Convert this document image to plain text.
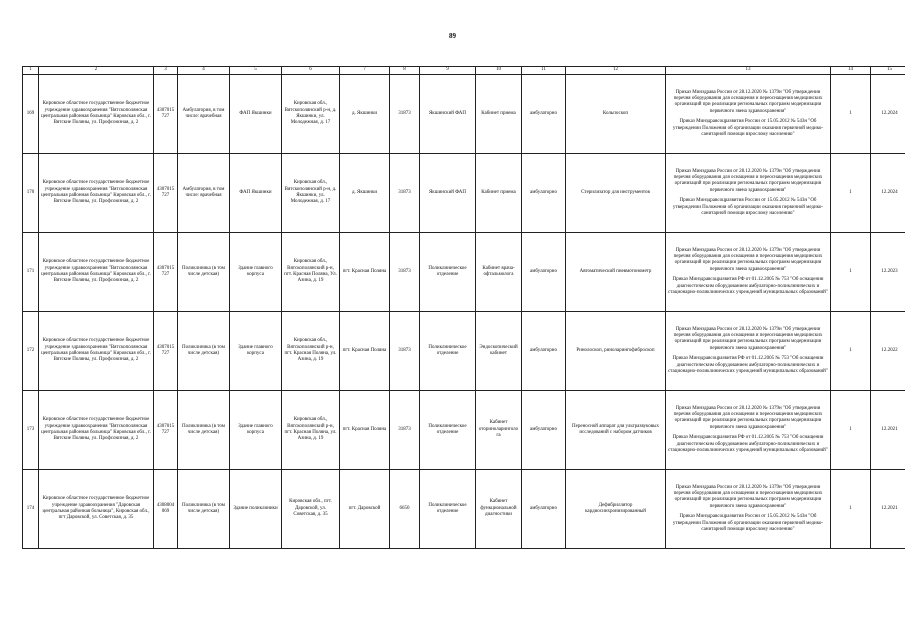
89
1	2	3	4	5	6	7	8	9	10	11	12	13	14	15
169	Кировское областное государственное бюджетное учреждение здравоохранения "Вятскополянская центральная районная больница" Кировская обл., г. Вятские Поляны, ул. Профсоюзная, д. 2	4307015727	Амбулатория, в том числе: врачебная	ФАП Якшинки	Кировская обл., Вятскополянский р-н, д. Якшинки, ул. Молодежная, д. 17	д. Якшинки	31873	Якшинский ФАП	Кабинет приема	амбулаторно	Кольпоскоп	Приказ Минздрава России от 28.12.2020 № 1379н "Об утверждении перечня оборудования для оснащения и переоснащения медицинских организаций при реализации региональных программ модернизации первичного звена здравоохранения"

Приказ Минздравсоцразвития России от 15.05.2012 № 543н "Об утверждении Положения об организации оказания первичной медико-санитарной помощи взрослому населению"	1	12.2024
170	Кировское областное государственное бюджетное учреждение здравоохранения "Вятскополянская центральная районная больница" Кировская обл., г. Вятские Поляны, ул. Профсоюзная, д. 2	4307015727	Амбулатория, в том числе: врачебная	ФАП Якшинки	Кировская обл., Вятскополянский р-н, д. Якшинки, ул. Молодежная, д. 17	д. Якшинки	31873	Якшинский ФАП	Кабинет приема	амбулаторно	Стерилизатор для инструментов	Приказ Минздрава России от 28.12.2020 № 1379н "Об утверждении перечня оборудования для оснащения и переоснащения медицинских организаций при реализации региональных программ модернизации первичного звена здравоохранения"

Приказ Минздравсоцразвития России от 15.05.2012 № 543н "Об утверждении Положения об организации оказания первичной медико-санитарной помощи взрослому населению"	1	12.2024
171	Кировское областное государственное бюджетное учреждение здравоохранения "Вятскополянская центральная районная больница" Кировская обл., г. Вятские Поляны, ул. Профсоюзная, д. 2	4307015727	Поликлиника (в том числе детская)	Здание главного корпуса	Кировская обл., Вятскополянский р-н, пгт. Красная Поляна, Ул. Азина, д. 19	пгт. Красная Поляна	31873	Поликлиническое отделение	Кабинет врача-офтальмолога	амбулаторно	Автоматический пневмотонометр	Приказ Минздрава России от 28.12.2020 № 1379н "Об утверждении перечня оборудования для оснащения и переоснащения медицинских организаций при реализации региональных программ модернизации первичного звена здравоохранения"

Приказ Минздравсоцразвития РФ от 01.12.2005 № 753 "Об оснащении диагностическим оборудованием амбулаторно-поликлинических и стационарно-поликлинических учреждений муниципальных образований"	1	12.2023
172	Кировское областное государственное бюджетное учреждение здравоохранения "Вятскополянская центральная районная больница" Кировская обл., г. Вятские Поляны, ул. Профсоюзная, д. 2	4307015727	Поликлиника (в том числе детская)	Здание главного корпуса	Кировская обл., Вятскополянский р-н, пгт. Красная Поляна, ул. Азина, д. 19	пгт. Красная Поляна	31873	Поликлиническое отделение	Эндоскопический кабинет	амбулаторно	Ринолоскоп, риноларингофиброскоп	Приказ Минздрава России от 28.12.2020 № 1379н "Об утверждении перечня оборудования для оснащения и переоснащения медицинских организаций при реализации региональных программ модернизации первичного звена здравоохранения"

Приказ Минздравсоцразвития РФ от 01.12.2005 № 753 "Об оснащении диагностическим оборудованием амбулаторно-поликлинических и стационарно-поликлинических учреждений муниципальных образований"	1	12.2022
173	Кировское областное государственное бюджетное учреждение здравоохранения "Вятскополянская центральная районная больница" Кировская обл., г. Вятские Поляны, ул. Профсоюзная, д. 2	4307015727	Поликлиника (в том числе детская)	Здание главного корпуса	Кировская обл., Вятскополянский р-н, пгт. Красная Поляна, ул. Азина, д. 19	пгт. Красная Поляна	31873	Поликлиническое отделение	Кабинет оториноларинголога	амбулаторно	Переносной аппарат для ультразвуковых исследований с набором датчиков	Приказ Минздрава России от 28.12.2020 № 1379н "Об утверждении перечня оборудования для оснащения и переоснащения медицинских организаций при реализации региональных программ модернизации первичного звена здравоохранения"

Приказ Минздравсоцразвития РФ от 01.12.2005 № 753 "Об оснащении диагностическим оборудованием амбулаторно-поликлинических и стационарно-поликлинических учреждений муниципальных образований"	1	12.2021
174	Кировское областное государственное бюджетное учреждение здравоохранения "Даровская центральная районная больница", Кировская обл., пгт Даровской, ул. Советская, д. 35	4308004069	Поликлиника (в том числе детская)	Здание поликлиники	Кировская обл., пгт. Даровской, ул. Советская, д. 35	пгт. Даровской	6650	Поликлиническое отделение	Кабинет функциональной диагностики	амбулаторно	Дефибриллятор кардиосинхронизированный	Приказ Минздрава России от 28.12.2020 № 1379н "Об утверждении перечня оборудования для оснащения и переоснащения медицинских организаций при реализации региональных программ модернизации первичного звена здравоохранения"

Приказ Минздравсоцразвития России от 15.05.2012 № 543н "Об утверждении Положения об организации оказания первичной медико-санитарной помощи взрослому населению"	1	12.2021
